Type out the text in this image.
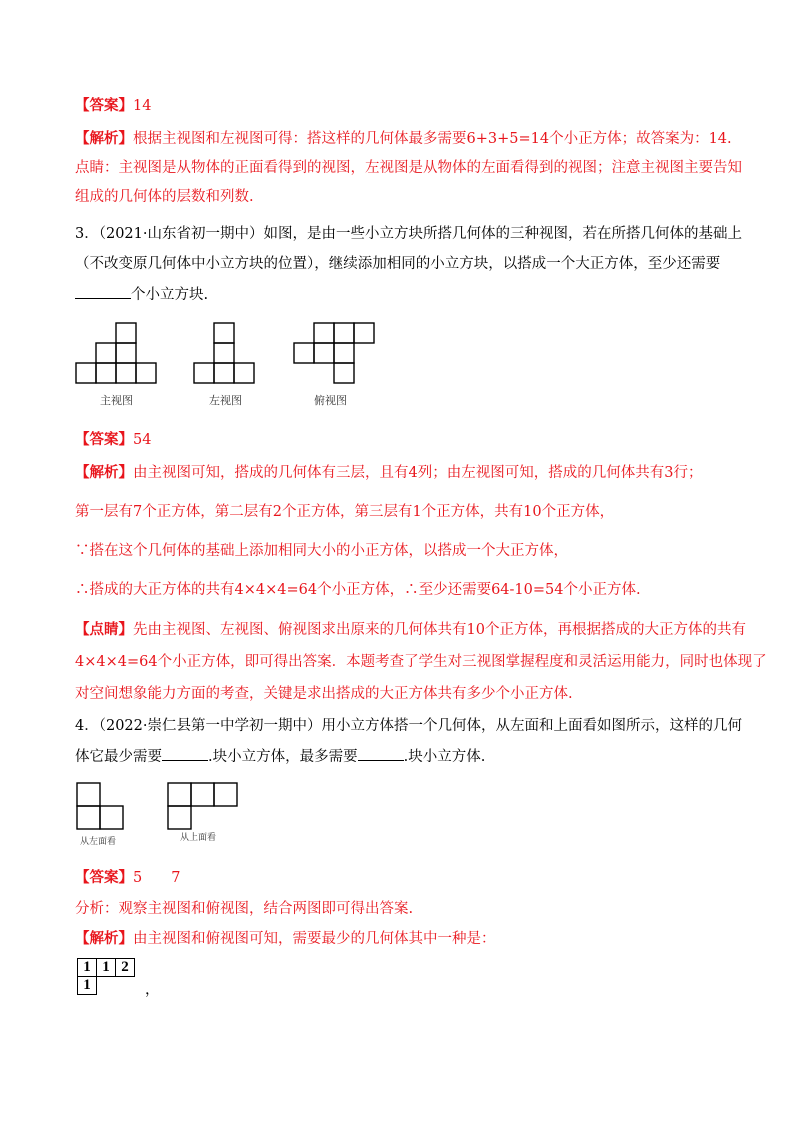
【答案】14
【解析】根据主视图和左视图可得：搭这样的几何体最多需要6+3+5=14个小正方体；故答案为：14.
点睛：主视图是从物体的正面看得到的视图，左视图是从物体的左面看得到的视图；注意主视图主要告知
组成的几何体的层数和列数.
3．（2021·山东省初一期中）如图，是由一些小立方块所搭几何体的三种视图，若在所搭几何体的基础上
（不改变原几何体中小立方块的位置），继续添加相同的小立方块，以搭成一个大正方体，至少还需要
个小立方块.
主视图	左视图	俯视图
【答案】54
【解析】由主视图可知，搭成的几何体有三层，且有4列；由左视图可知，搭成的几何体共有3行；
第一层有7个正方体，第二层有2个正方体，第三层有1个正方体，共有10个正方体，
∵搭在这个几何体的基础上添加相同大小的小正方体，以搭成一个大正方体，
∴搭成的大正方体的共有4×4×4=64个小正方体，∴至少还需要64-10=54个小正方体.
【点睛】先由主视图、左视图、俯视图求出原来的几何体共有10个正方体，再根据搭成的大正方体的共有
4×4×4=64个小正方体，即可得出答案．本题考查了学生对三视图掌握程度和灵活运用能力，同时也体现了
对空间想象能力方面的考查，关键是求出搭成的大正方体共有多少个小正方体.
4．（2022·崇仁县第一中学初一期中）用小立方体搭一个几何体，从左面和上面看如图所示，这样的几何
体它最少需要	.块小立方体，最多需要	.块小立方体.
从左面看	从上面看
【答案】5　　7
分析：观察主视图和俯视图，结合两图即可得出答案.
【解析】由主视图和俯视图可知，需要最少的几何体其中一种是：
1	1	2
1			，
